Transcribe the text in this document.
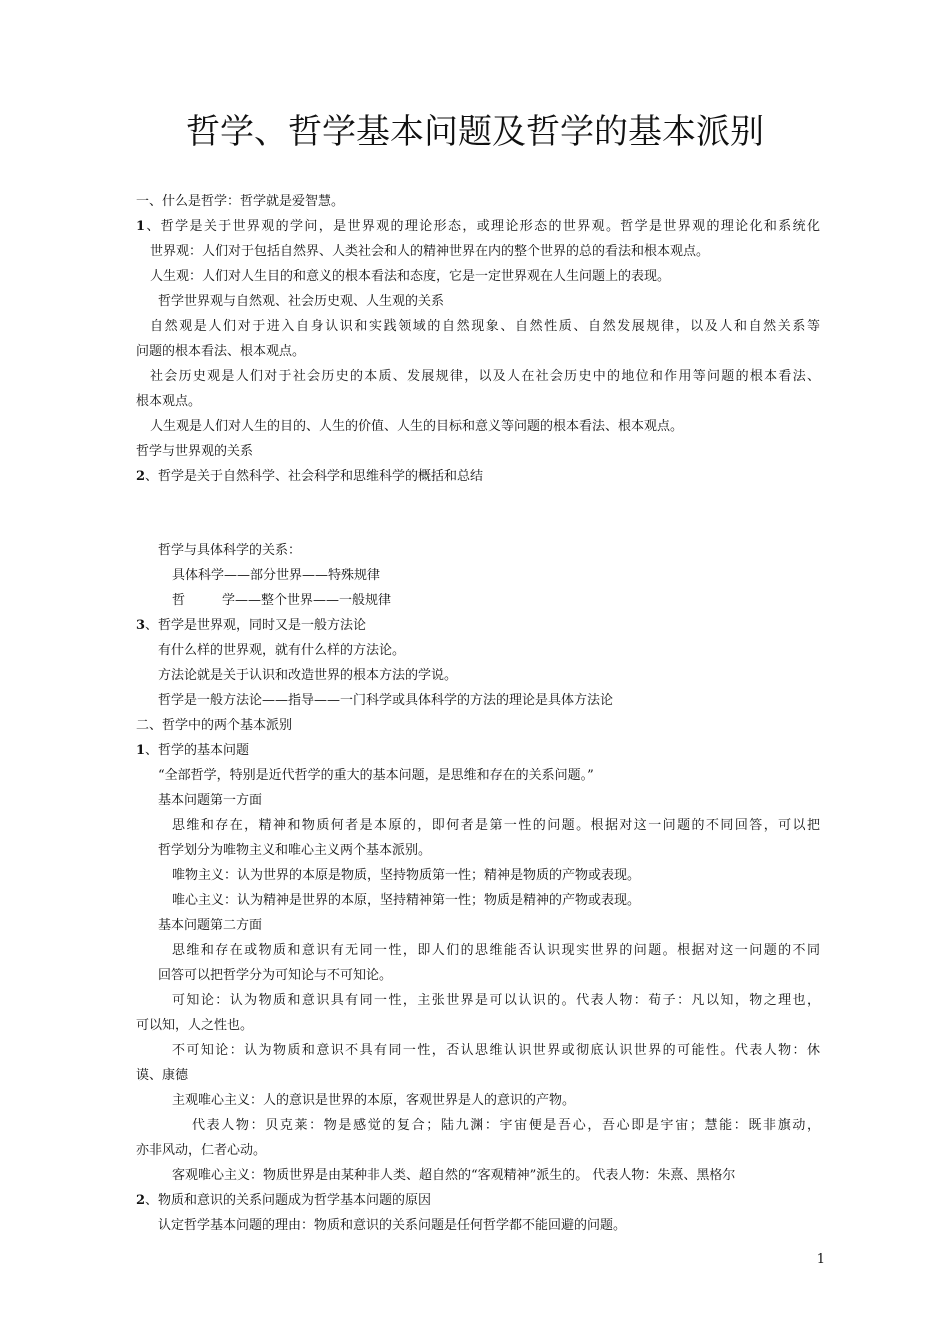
哲学、哲学基本问题及哲学的基本派别
一、什么是哲学：哲学就是爱智慧。
1、哲学是关于世界观的学问，是世界观的理论形态，或理论形态的世界观。哲学是世界观的理论化和系统化
世界观：人们对于包括自然界、人类社会和人的精神世界在内的整个世界的总的看法和根本观点。
人生观：人们对人生目的和意义的根本看法和态度，它是一定世界观在人生问题上的表现。
哲学世界观与自然观、社会历史观、人生观的关系
自然观是人们对于进入自身认识和实践领域的自然现象、自然性质、自然发展规律，以及人和自然关系等
问题的根本看法、根本观点。
社会历史观是人们对于社会历史的本质、发展规律，以及人在社会历史中的地位和作用等问题的根本看法、
根本观点。
人生观是人们对人生的目的、人生的价值、人生的目标和意义等问题的根本看法、根本观点。
哲学与世界观的关系
2、哲学是关于自然科学、社会科学和思维科学的概括和总结
哲学与具体科学的关系：
具体科学——部分世界——特殊规律
哲	学——整个世界——一般规律
3、哲学是世界观，同时又是一般方法论
有什么样的世界观，就有什么样的方法论。
方法论就是关于认识和改造世界的根本方法的学说。
哲学是一般方法论——指导——一门科学或具体科学的方法的理论是具体方法论
二、哲学中的两个基本派别
1、哲学的基本问题
“全部哲学，特别是近代哲学的重大的基本问题，是思维和存在的关系问题。”
基本问题第一方面
思维和存在，精神和物质何者是本原的，即何者是第一性的问题。根据对这一问题的不同回答，可以把
哲学划分为唯物主义和唯心主义两个基本派别。
唯物主义：认为世界的本原是物质，坚持物质第一性；精神是物质的产物或表现。
唯心主义：认为精神是世界的本原，坚持精神第一性；物质是精神的产物或表现。
基本问题第二方面
思维和存在或物质和意识有无同一性，即人们的思维能否认识现实世界的问题。根据对这一问题的不同
回答可以把哲学分为可知论与不可知论。
可知论：认为物质和意识具有同一性，主张世界是可以认识的。代表人物：荀子：凡以知，物之理也，
可以知，人之性也。
不可知论：认为物质和意识不具有同一性，否认思维认识世界或彻底认识世界的可能性。代表人物：休
谟、康德
主观唯心主义：人的意识是世界的本原，客观世界是人的意识的产物。
代表人物：贝克莱：物是感觉的复合；陆九渊：宇宙便是吾心，吾心即是宇宙；慧能：既非旗动，
亦非风动，仁者心动。
客观唯心主义：物质世界是由某种非人类、超自然的“客观精神”派生的。 代表人物：朱熹、黑格尔
2、物质和意识的关系问题成为哲学基本问题的原因
认定哲学基本问题的理由：物质和意识的关系问题是任何哲学都不能回避的问题。
1
